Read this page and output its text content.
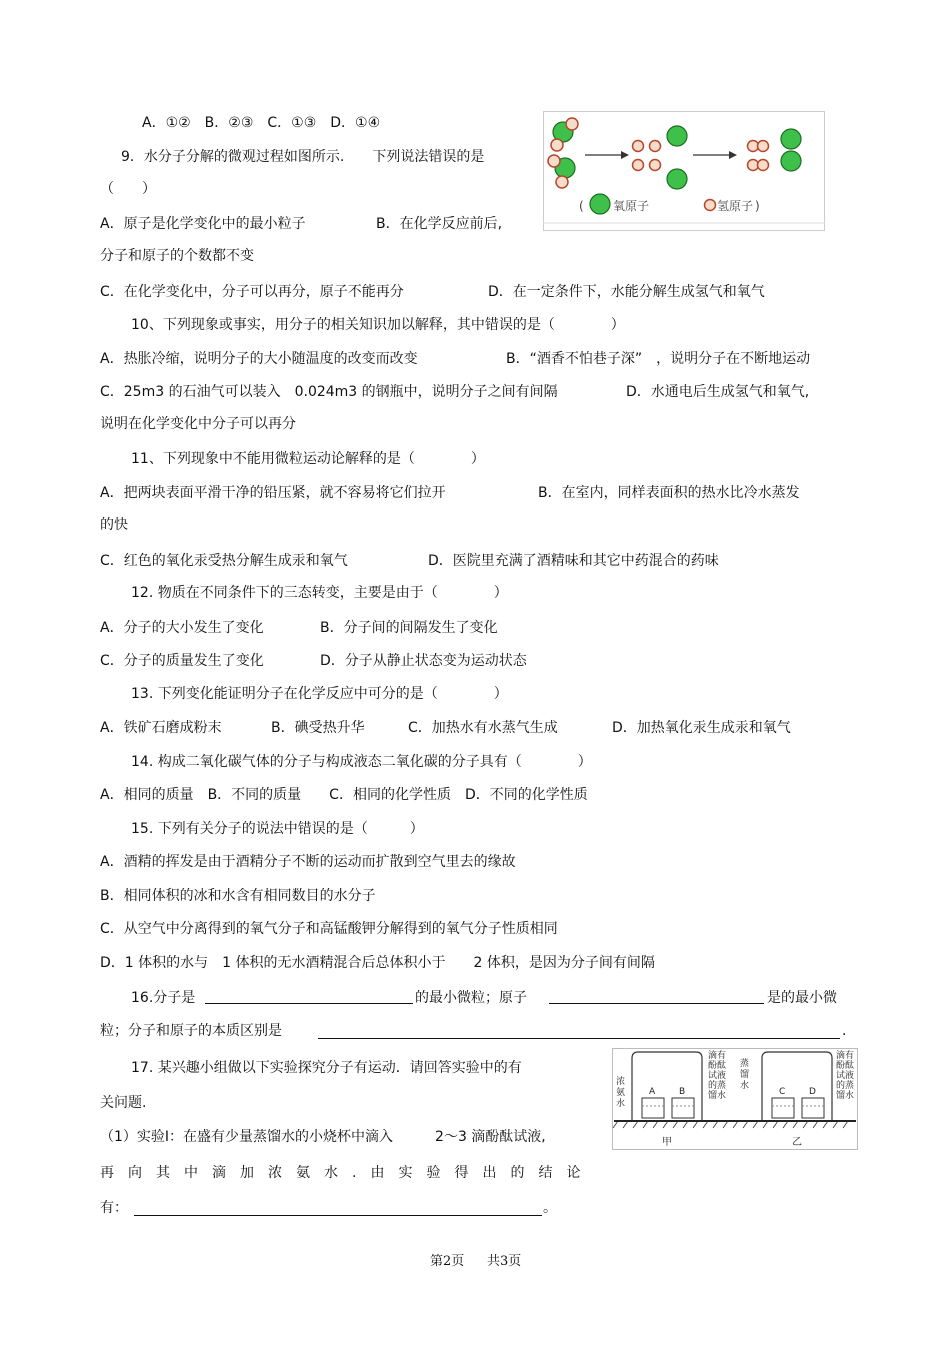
A．①②　B．②③　C．①③　D．①④
9．水分子分解的微观过程如图所示.　　下列说法错误的是
（　　）
A．原子是化学变化中的最小粒子	B．在化学反应前后,
分子和原子的个数都不变
C．在化学变化中，分子可以再分，原子不能再分	D．在一定条件下，水能分解生成氢气和氧气
( 氧原子	氢原子 )
10、下列现象或事实，用分子的相关知识加以解释，其中错误的是（　　　　）
A．热胀冷缩，说明分子的大小随温度的改变而改变	B．“酒香不怕巷子深”　，说明分子在不断地运动
C．25m3 的石油气可以装入　0.024m3 的钢瓶中，说明分子之间有间隔	D．水通电后生成氢气和氧气,
说明在化学变化中分子可以再分
11、下列现象中不能用微粒运动论解释的是（　　　　）
A．把两块表面平滑干净的铅压紧，就不容易将它们拉开	B．在室内，同样表面积的热水比冷水蒸发
的快
C．红色的氧化汞受热分解生成汞和氧气	D．医院里充满了酒精味和其它中药混合的药味
12. 物质在不同条件下的三态转变，主要是由于（　　　　）
A．分子的大小发生了变化	B．分子间的间隔发生了变化
C．分子的质量发生了变化	D．分子从静止状态变为运动状态
13. 下列变化能证明分子在化学反应中可分的是（　　　　）
A．铁矿石磨成粉末	B．碘受热升华	C．加热水有水蒸气生成	D．加热氧化汞生成汞和氧气
14. 构成二氧化碳气体的分子与构成液态二氧化碳的分子具有（　　　　）
A．相同的质量　B．不同的质量　　C．相同的化学性质　D．不同的化学性质
15. 下列有关分子的说法中错误的是（　　　）
A．酒精的挥发是由于酒精分子不断的运动而扩散到空气里去的缘故
B．相同体积的冰和水含有相同数目的水分子
C．从空气中分离得到的氧气分子和高锰酸钾分解得到的氧气分子性质相同
D．1 体积的水与　1 体积的无水酒精混合后总体积小于　　2 体积，是因为分子间有间隔
16.分子是	的最小微粒；原子	是的最小微
粒；分子和原子的本质区别是	.
17. 某兴趣小组做以下实验探究分子有运动．请回答实验中的有
关问题.
（1）实验Ⅰ：在盛有少量蒸馏水的小烧杯中滴入　　　2～3 滴酚酞试液,
再　向　其　中　滴　加　浓　氨　水　.　由　实　验　得　出　的　结　论
有：	。
浓氨水
A	B
滴有酚酞试液的蒸馏水
蒸馏水
C	D
滴有酚酞试液的蒸馏水
甲	乙
第2页 共3页
